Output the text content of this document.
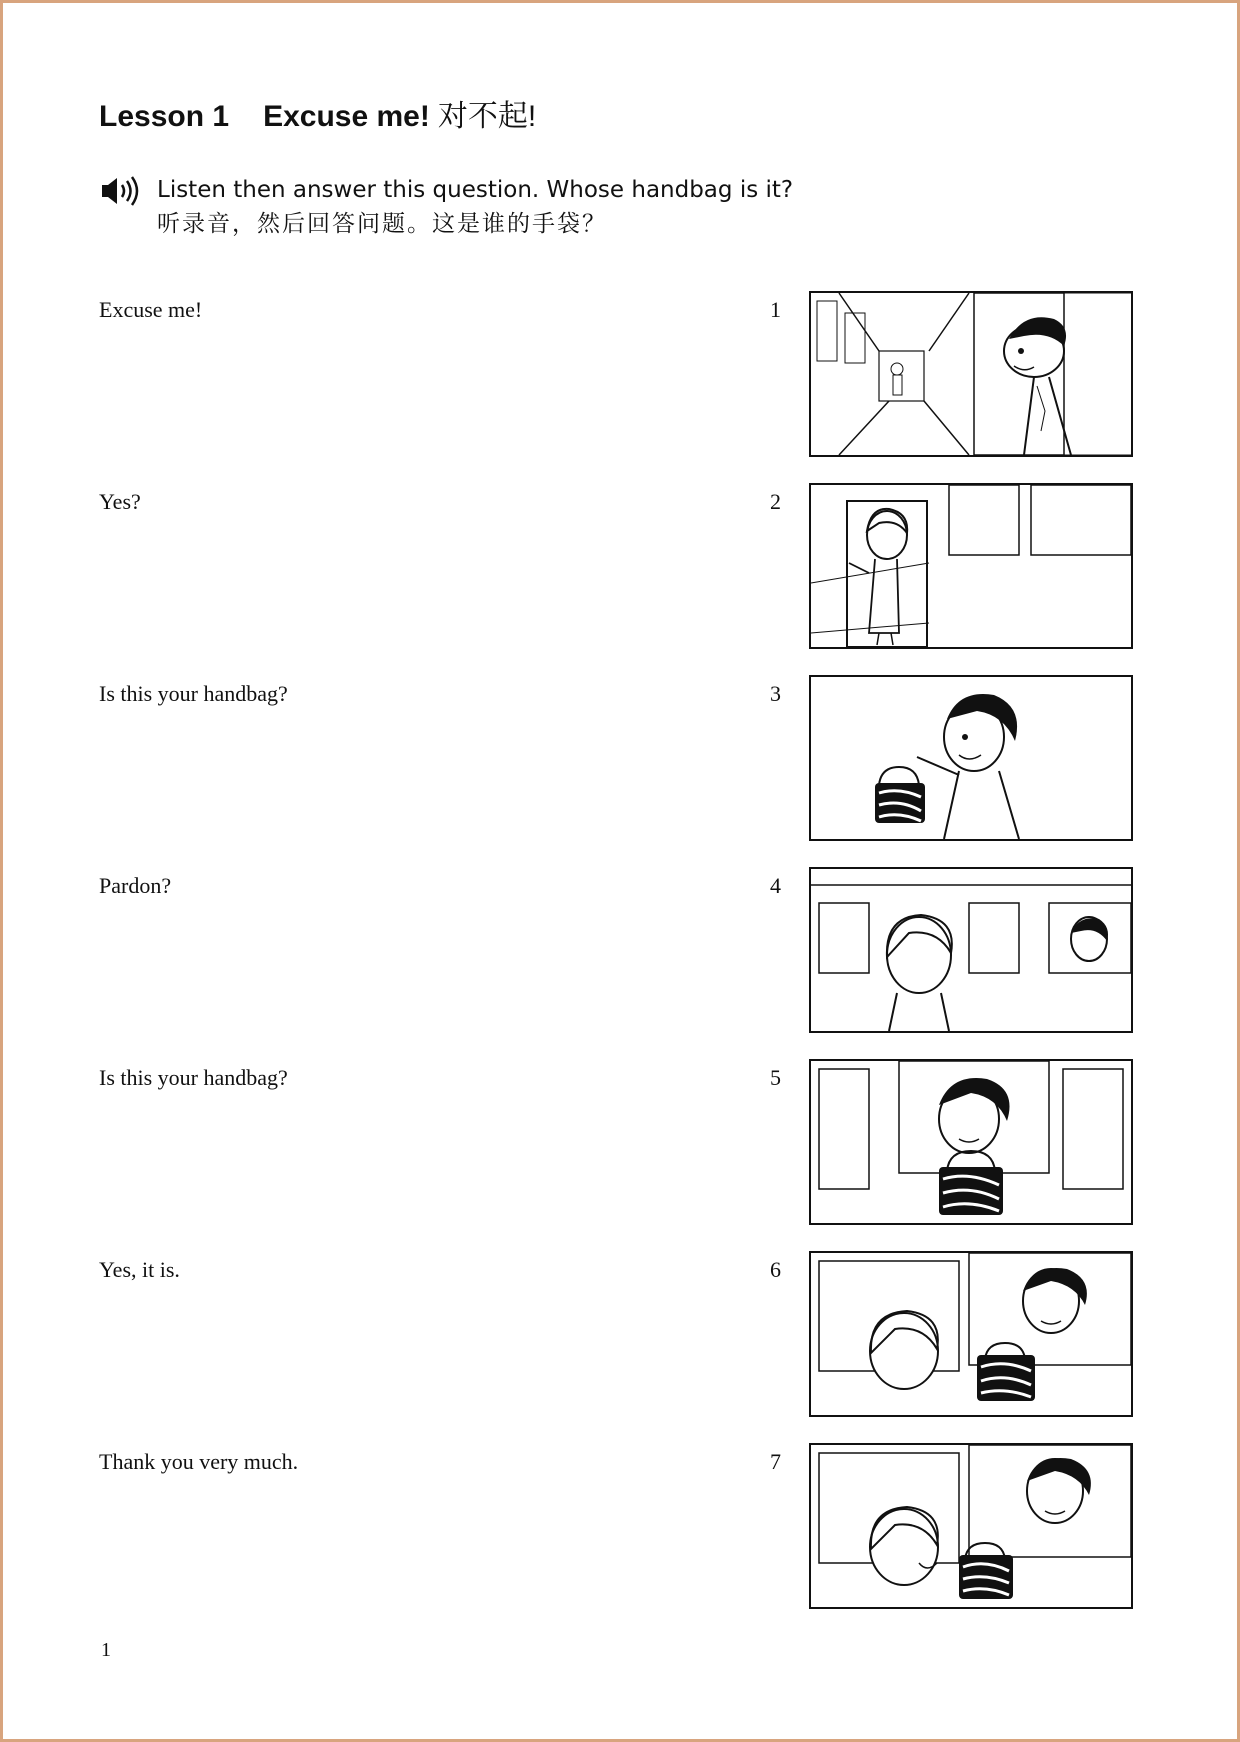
Lesson 1 Excuse me! 对不起!
Listen then answer this question. Whose handbag is it?
听录音，然后回答问题。这是谁的手袋？
Excuse me!	1
Yes?	2
Is this your handbag?	3
Pardon?	4
Is this your handbag?	5
Yes, it is.	6
Thank you very much.	7
1
